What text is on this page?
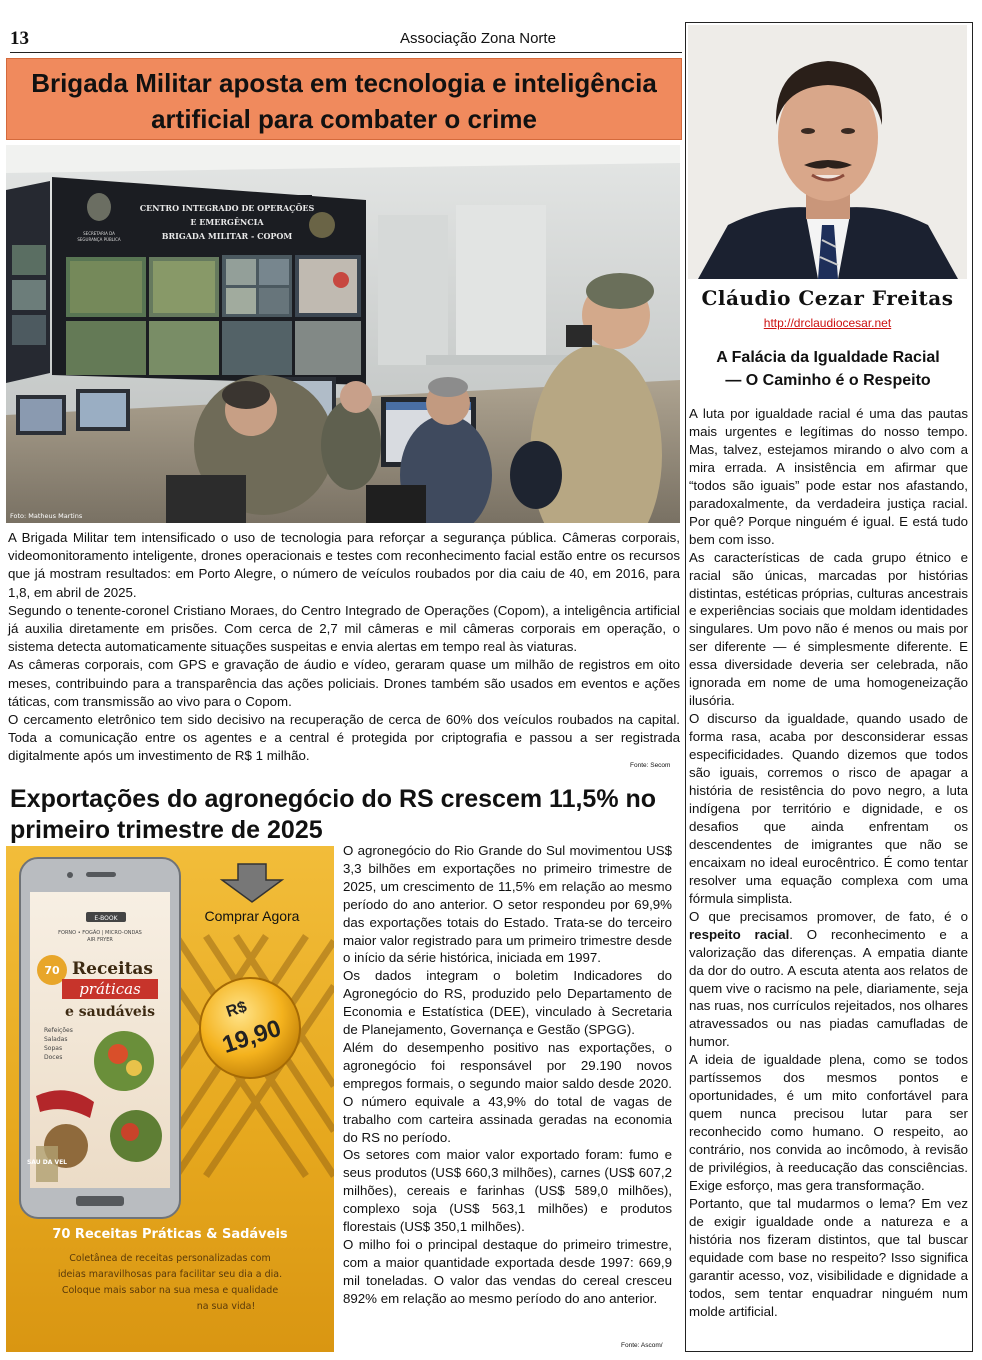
13	Associação Zona Norte
Brigada Militar aposta em tecnologia e inteligência artificial para combater o crime
CENTRO INTEGRADO DE OPERAÇÕES
E EMERGÊNCIA
BRIGADA MILITAR - COPOM
SECRETARIA DA
SEGURANÇA PÚBLICA
Foto: Matheus Martins

A Brigada Militar tem intensificado o uso de tecnologia para reforçar a segurança pública. Câmeras corporais, videomonitoramento inteligente, drones operacionais e testes com reconhecimento facial estão entre os recursos que já mostram resultados: em Porto Alegre, o número de veículos roubados por dia caiu de 40, em 2016, para 1,8, em abril de 2025.

Segundo o tenente-coronel Cristiano Moraes, do Centro Integrado de Operações (Copom), a inteligência artificial já auxilia diretamente em prisões. Com cerca de 2,7 mil câmeras e mil câmeras corporais em operação, o sistema detecta automaticamente situações suspeitas e envia alertas em tempo real às viaturas.

As câmeras corporais, com GPS e gravação de áudio e vídeo, geraram quase um milhão de registros em oito meses, contribuindo para a transparência das ações policiais. Drones também são usados em eventos e ações táticas, com transmissão ao vivo para o Copom.

O cercamento eletrônico tem sido decisivo na recuperação de cerca de 60% dos veículos roubados na capital. Toda a comunicação entre os agentes e a central é protegida por criptografia e passou a ser registrada digitalmente após um investimento de R$ 1 milhão.

Fonte: Secom
Exportações do agronegócio do RS crescem 11,5% no primeiro trimestre de 2025
Comprar Agora
E-BOOK
FORNO • FOGÃO | MICRO-ONDAS
AIR FRYER
70 Receitas
práticas
e saudáveis
Refeições
Saladas
Sopas
Doces
SAU DA VEL
R$
19,90
70 Receitas Práticas & Sadáveis
Coletânea de receitas personalizadas com
ideias maravilhosas para facilitar seu dia a dia.
Coloque mais sabor na sua mesa e qualidade
na sua vida!

O agronegócio do Rio Grande do Sul movimentou US$ 3,3 bilhões em exportações no primeiro trimestre de 2025, um crescimento de 11,5% em relação ao mesmo período do ano anterior. O setor respondeu por 69,9% das exportações totais do Estado. Trata-se do terceiro maior valor registrado para um primeiro trimestre desde o início da série histórica, iniciada em 1997.

Os dados integram o boletim Indicadores do Agronegócio do RS, produzido pelo Departamento de Economia e Estatística (DEE), vinculado à Secretaria de Planejamento, Governança e Gestão (SPGG).

Além do desempenho positivo nas exportações, o agronegócio foi responsável por 29.190 novos empregos formais, o segundo maior saldo desde 2020. O número equivale a 43,9% do total de vagas de trabalho com carteira assinada geradas na economia do RS no período.

Os setores com maior valor exportado foram: fumo e seus produtos (US$ 660,3 milhões), carnes (US$ 607,2 milhões), cereais e farinhas (US$ 589,0 milhões), complexo soja (US$ 563,1 milhões) e produtos florestais (US$ 350,1 milhões).

O milho foi o principal destaque do primeiro trimestre, com a maior quantidade exportada desde 1997: 669,9 mil toneladas. O valor das vendas do cereal cresceu 892% em relação ao mesmo período do ano anterior.

Fonte: Ascom/
Cláudio Cezar Freitas
http://drclaudiocesar.net
A Falácia da Igualdade Racial
— O Caminho é o Respeito

A luta por igualdade racial é uma das pautas mais urgentes e legítimas do nosso tempo. Mas, talvez, estejamos mirando o alvo com a mira errada. A insistência em afirmar que “todos são iguais” pode estar nos afastando, paradoxalmente, da verdadeira justiça racial. Por quê? Porque ninguém é igual. E está tudo bem com isso.

As características de cada grupo étnico e racial são únicas, marcadas por histórias distintas, estéticas próprias, culturas ancestrais e experiências sociais que moldam identidades singulares. Um povo não é menos ou mais por ser diferente — é simplesmente diferente. E essa diversidade deveria ser celebrada, não ignorada em nome de uma homogeneização ilusória.

O discurso da igualdade, quando usado de forma rasa, acaba por desconsiderar essas especificidades. Quando dizemos que todos são iguais, corremos o risco de apagar a história de resistência do povo negro, a luta indígena por território e dignidade, e os desafios que ainda enfrentam os descendentes de imigrantes que não se encaixam no ideal eurocêntrico. É como tentar resolver uma equação complexa com uma fórmula simplista.

O que precisamos promover, de fato, é o respeito racial. O reconhecimento e a valorização das diferenças. A empatia diante da dor do outro. A escuta atenta aos relatos de quem vive o racismo na pele, diariamente, seja nas ruas, nos currículos rejeitados, nos olhares atravessados ou nas piadas camufladas de humor.

A ideia de igualdade plena, como se todos partíssemos dos mesmos pontos e oportunidades, é um mito confortável para quem nunca precisou lutar para ser reconhecido como humano. O respeito, ao contrário, nos convida ao incômodo, à revisão de privilégios, à reeducação das consciências. Exige esforço, mas gera transformação.

Portanto, que tal mudarmos o lema? Em vez de exigir igualdade onde a natureza e a história nos fizeram distintos, que tal buscar equidade com base no respeito? Isso significa garantir acesso, voz, visibilidade e dignidade a todos, sem tentar enquadrar ninguém num molde artificial.
